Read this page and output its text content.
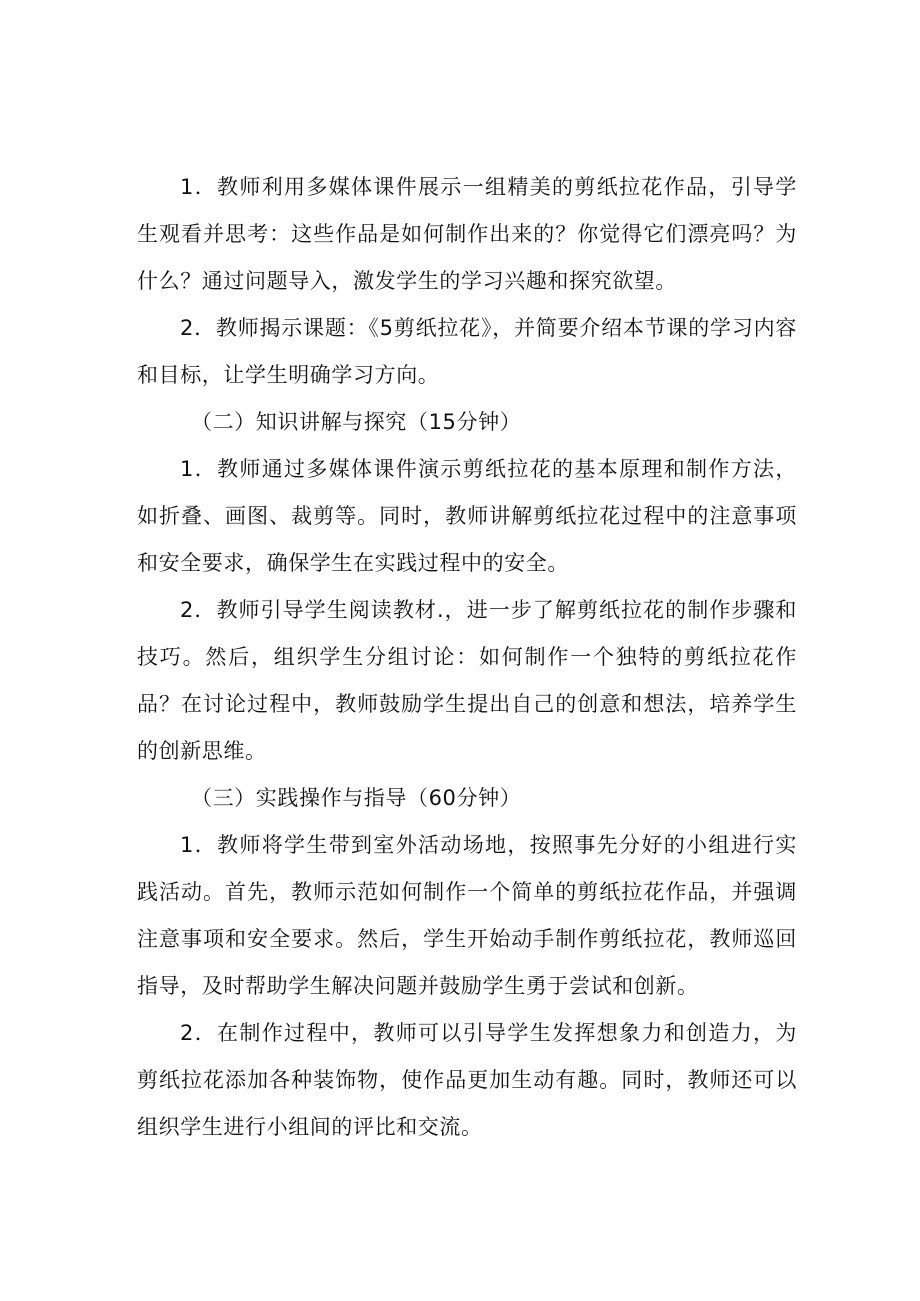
1．教师利用多媒体课件展示一组精美的剪纸拉花作品，引导学生观看并思考：这些作品是如何制作出来的？你觉得它们漂亮吗？为什么？通过问题导入，激发学生的学习兴趣和探究欲望。

2．教师揭示课题：《5剪纸拉花》，并简要介绍本节课的学习内容和目标，让学生明确学习方向。

（二）知识讲解与探究（15分钟）

1．教师通过多媒体课件演示剪纸拉花的基本原理和制作方法，如折叠、画图、裁剪等。同时，教师讲解剪纸拉花过程中的注意事项和安全要求，确保学生在实践过程中的安全。

2．教师引导学生阅读教材.，进一步了解剪纸拉花的制作步骤和技巧。然后，组织学生分组讨论：如何制作一个独特的剪纸拉花作品？在讨论过程中，教师鼓励学生提出自己的创意和想法，培养学生的创新思维。

（三）实践操作与指导（60分钟）

1．教师将学生带到室外活动场地，按照事先分好的小组进行实践活动。首先，教师示范如何制作一个简单的剪纸拉花作品，并强调注意事项和安全要求。然后，学生开始动手制作剪纸拉花，教师巡回指导，及时帮助学生解决问题并鼓励学生勇于尝试和创新。

2．在制作过程中，教师可以引导学生发挥想象力和创造力，为剪纸拉花添加各种装饰物，使作品更加生动有趣。同时，教师还可以组织学生进行小组间的评比和交流。
